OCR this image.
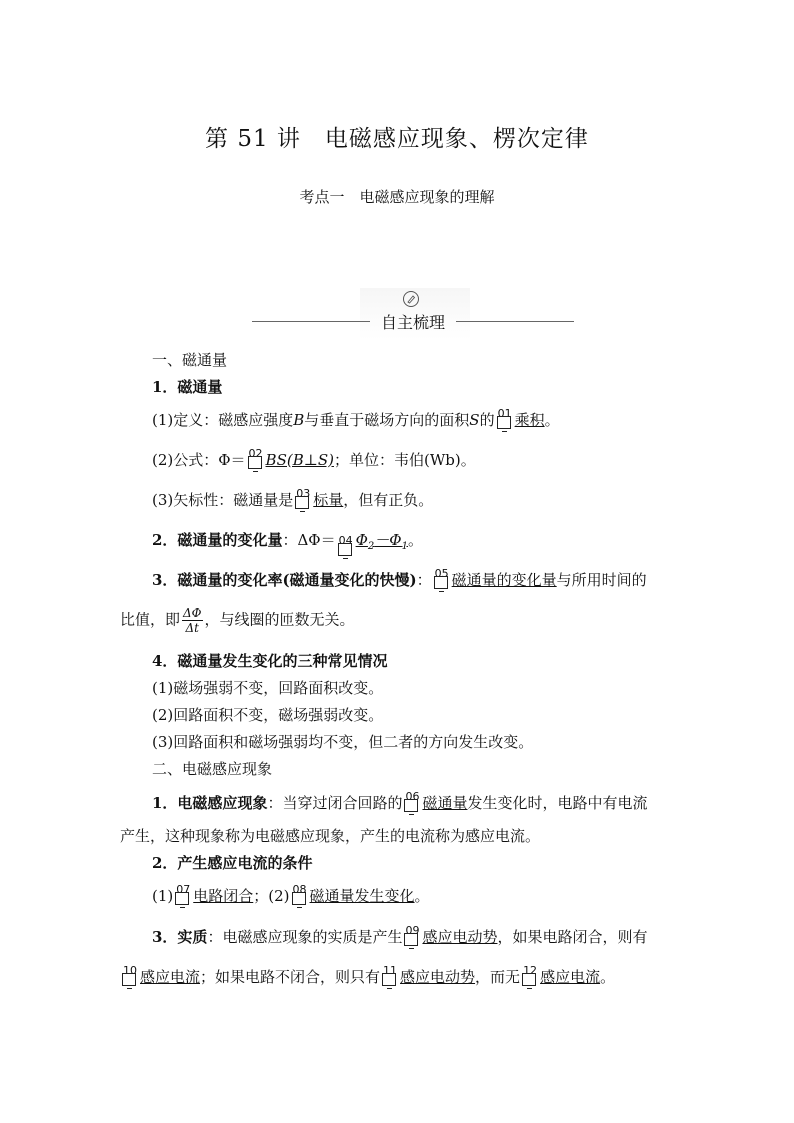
第 51 讲　电磁感应现象、楞次定律
考点一　电磁感应现象的理解
自主梳理
一、磁通量
1．磁通量
(1)定义：磁感应强度B与垂直于磁场方向的面积S的 01 乘积。
(2)公式：Φ＝ 02 BS(B⊥S)；单位：韦伯(Wb)。
(3)矢标性：磁通量是 03 标量，但有正负。
2．磁通量的变化量：ΔΦ＝ 04 $\Phi_2-\Phi_1$。
3．磁通量的变化率(磁通量变化的快慢)： 05 磁通量的变化量与所用时间的
比值，即 $\frac{\Delta\Phi}{\Delta t}$ ，与线圈的匝数无关。
4．磁通量发生变化的三种常见情况
(1)磁场强弱不变，回路面积改变。
(2)回路面积不变，磁场强弱改变。
(3)回路面积和磁场强弱均不变，但二者的方向发生改变。
二、电磁感应现象
1．电磁感应现象：当穿过闭合回路的 06 磁通量发生变化时，电路中有电流
产生，这种现象称为电磁感应现象，产生的电流称为感应电流。
2．产生感应电流的条件
(1) 07 电路闭合；(2) 08 磁通量发生变化。
3．实质：电磁感应现象的实质是产生 09 感应电动势，如果电路闭合，则有
10 感应电流；如果电路不闭合，则只有 11 感应电动势，而无 12 感应电流。
